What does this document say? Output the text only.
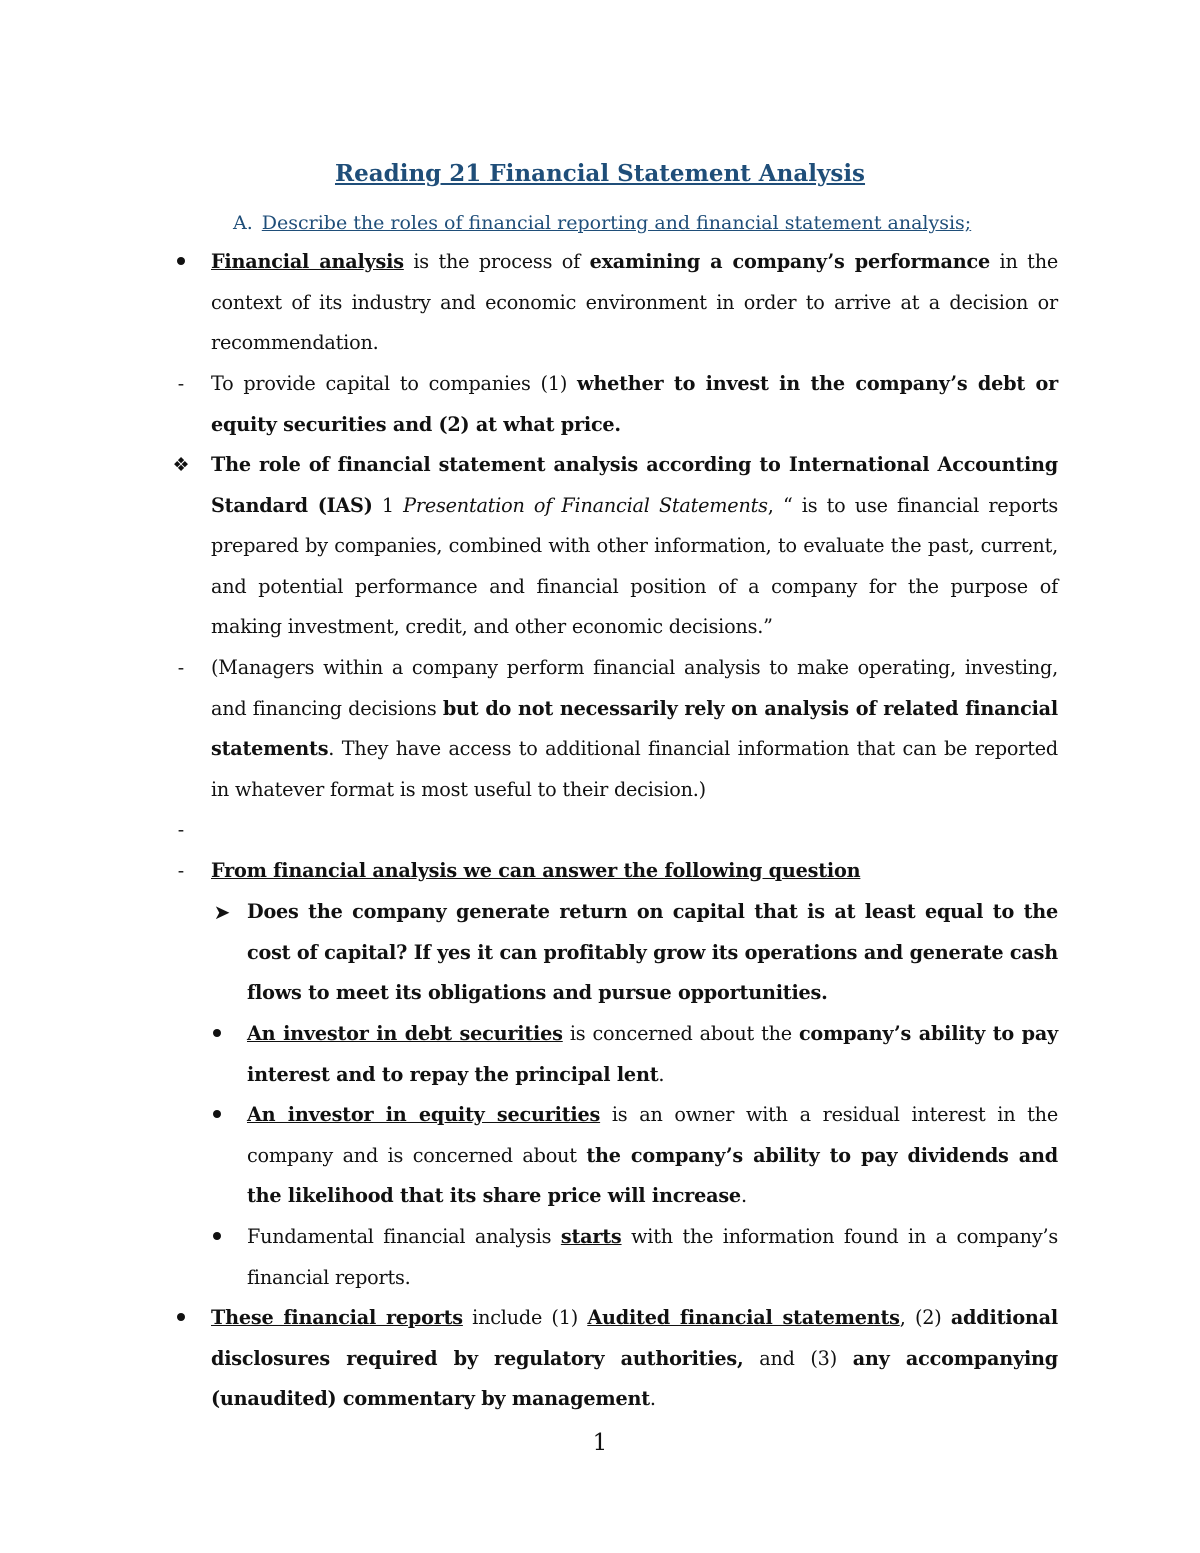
Reading 21 Financial Statement Analysis
A. Describe the roles of financial reporting and financial statement analysis;
Financial analysis is the process of examining a company’s performance in the context of its industry and economic environment in order to arrive at a decision or recommendation.
-	To provide capital to companies (1) whether to invest in the company’s debt or equity securities and (2) at what price.
❖ The role of financial statement analysis according to International Accounting Standard (IAS) 1 Presentation of Financial Statements, “ is to use financial reports prepared by companies, combined with other information, to evaluate the past, current, and potential performance and financial position of a company for the purpose of making investment, credit, and other economic decisions.”
-	(Managers within a company perform financial analysis to make operating, investing, and financing decisions but do not necessarily rely on analysis of related financial statements. They have access to additional financial information that can be reported in whatever format is most useful to their decision.)
-
-	From financial analysis we can answer the following question
➤ Does the company generate return on capital that is at least equal to the cost of capital? If yes it can profitably grow its operations and generate cash flows to meet its obligations and pursue opportunities.
An investor in debt securities is concerned about the company’s ability to pay interest and to repay the principal lent.
An investor in equity securities is an owner with a residual interest in the company and is concerned about the company’s ability to pay dividends and the likelihood that its share price will increase.
Fundamental financial analysis starts with the information found in a company’s financial reports.
These financial reports include (1) Audited financial statements, (2) additional disclosures required by regulatory authorities, and (3) any accompanying (unaudited) commentary by management.
1
